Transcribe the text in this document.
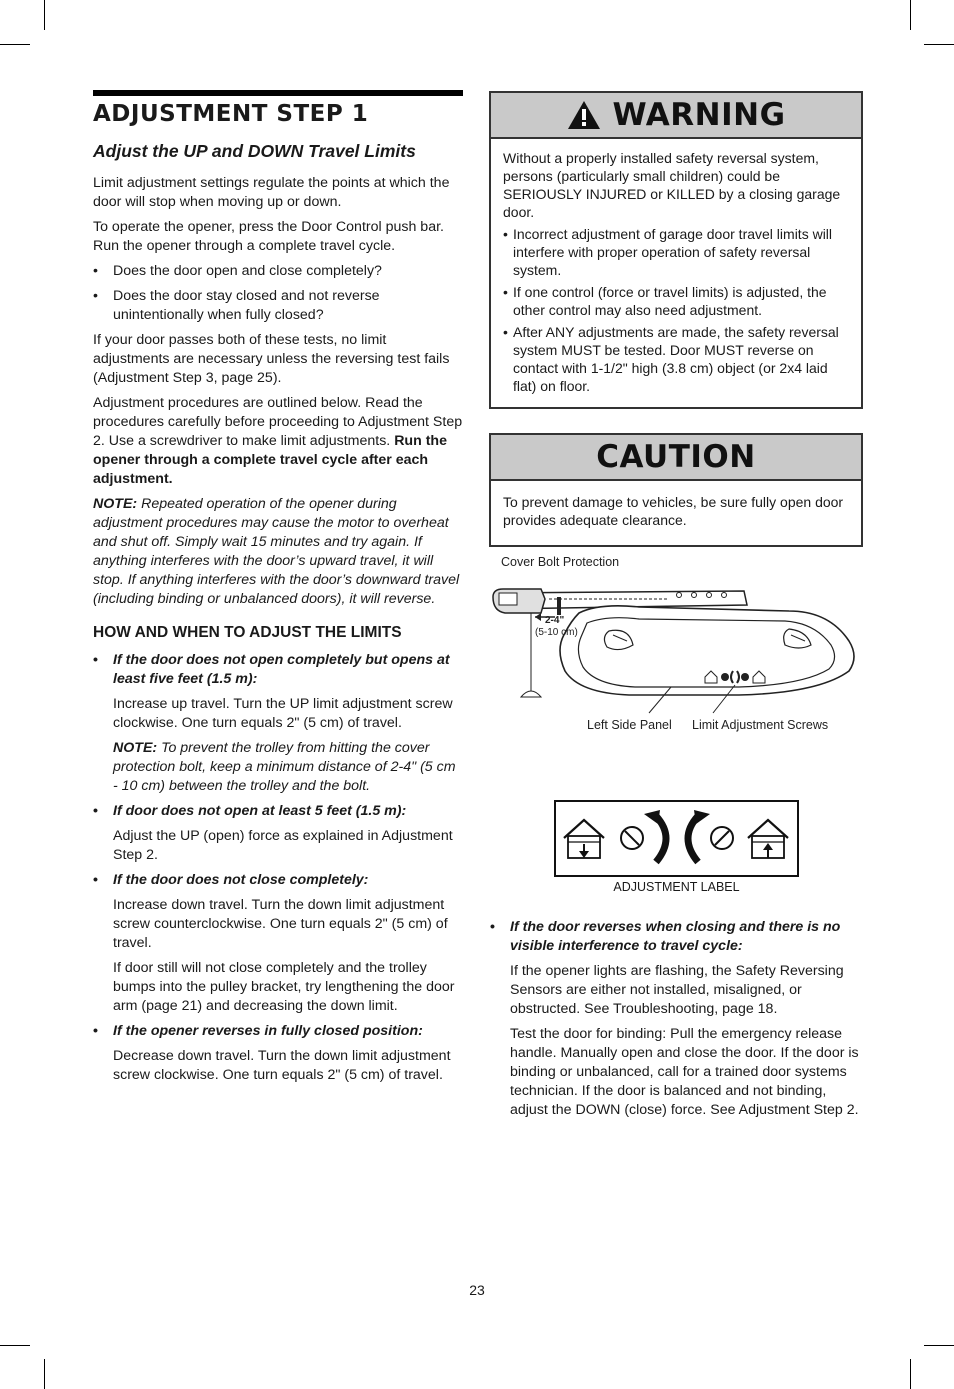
ADJUSTMENT STEP 1
Adjust the UP and DOWN Travel Limits

Limit adjustment settings regulate the points at which the door will stop when moving up or down.

To operate the opener, press the Door Control push bar. Run the opener through a complete travel cycle.

• Does the door open and close completely?
• Does the door stay closed and not reverse unintentionally when fully closed?

If your door passes both of these tests, no limit adjustments are necessary unless the reversing test fails (Adjustment Step 3, page 25).

Adjustment procedures are outlined below. Read the procedures carefully before proceeding to Adjustment Step 2. Use a screwdriver to make limit adjustments. Run the opener through a complete travel cycle after each adjustment.

NOTE: Repeated operation of the opener during adjustment procedures may cause the motor to overheat and shut off. Simply wait 15 minutes and try again. If anything interferes with the door’s upward travel, it will stop. If anything interferes with the door’s downward travel (including binding or unbalanced doors), it will reverse.

HOW AND WHEN TO ADJUST THE LIMITS
• If the door does not open completely but opens at least five feet (1.5 m):

Increase up travel. Turn the UP limit adjustment screw clockwise. One turn equals 2" (5 cm) of travel.

NOTE: To prevent the trolley from hitting the cover protection bolt, keep a minimum distance of 2-4" (5 cm - 10 cm) between the trolley and the bolt.

• If door does not open at least 5 feet (1.5 m):

Adjust the UP (open) force as explained in Adjustment Step 2.

• If the door does not close completely:

Increase down travel. Turn the down limit adjustment screw counterclockwise. One turn equals 2" (5 cm) of travel.

If door still will not close completely and the trolley bumps into the pulley bracket, try lengthening the door arm (page 21) and decreasing the down limit.

• If the opener reverses in fully closed position:

Decrease down travel. Turn the down limit adjustment screw clockwise. One turn equals 2" (5 cm) of travel.

WARNING

Without a properly installed safety reversal system, persons (particularly small children) could be SERIOUSLY INJURED or KILLED by a closing garage door.

• Incorrect adjustment of garage door travel limits will interfere with proper operation of safety reversal system.
• If one control (force or travel limits) is adjusted, the other control may also need adjustment.
• After ANY adjustments are made, the safety reversal system MUST be tested. Door MUST reverse on contact with 1-1/2" high (3.8 cm) object (or 2x4 laid flat) on floor.
CAUTION

To prevent damage to vehicles, be sure fully open door provides adequate clearance.

Cover Bolt Protection
2-4"
(5-10 cm)
Left Side Panel Limit Adjustment Screws
ADJUSTMENT LABEL
• If the door reverses when closing and there is no visible interference to travel cycle:

If the opener lights are flashing, the Safety Reversing Sensors are either not installed, misaligned, or obstructed. See Troubleshooting, page 18.

Test the door for binding: Pull the emergency release handle. Manually open and close the door. If the door is binding or unbalanced, call for a trained door systems technician. If the door is balanced and not binding, adjust the DOWN (close) force. See Adjustment Step 2.

23
